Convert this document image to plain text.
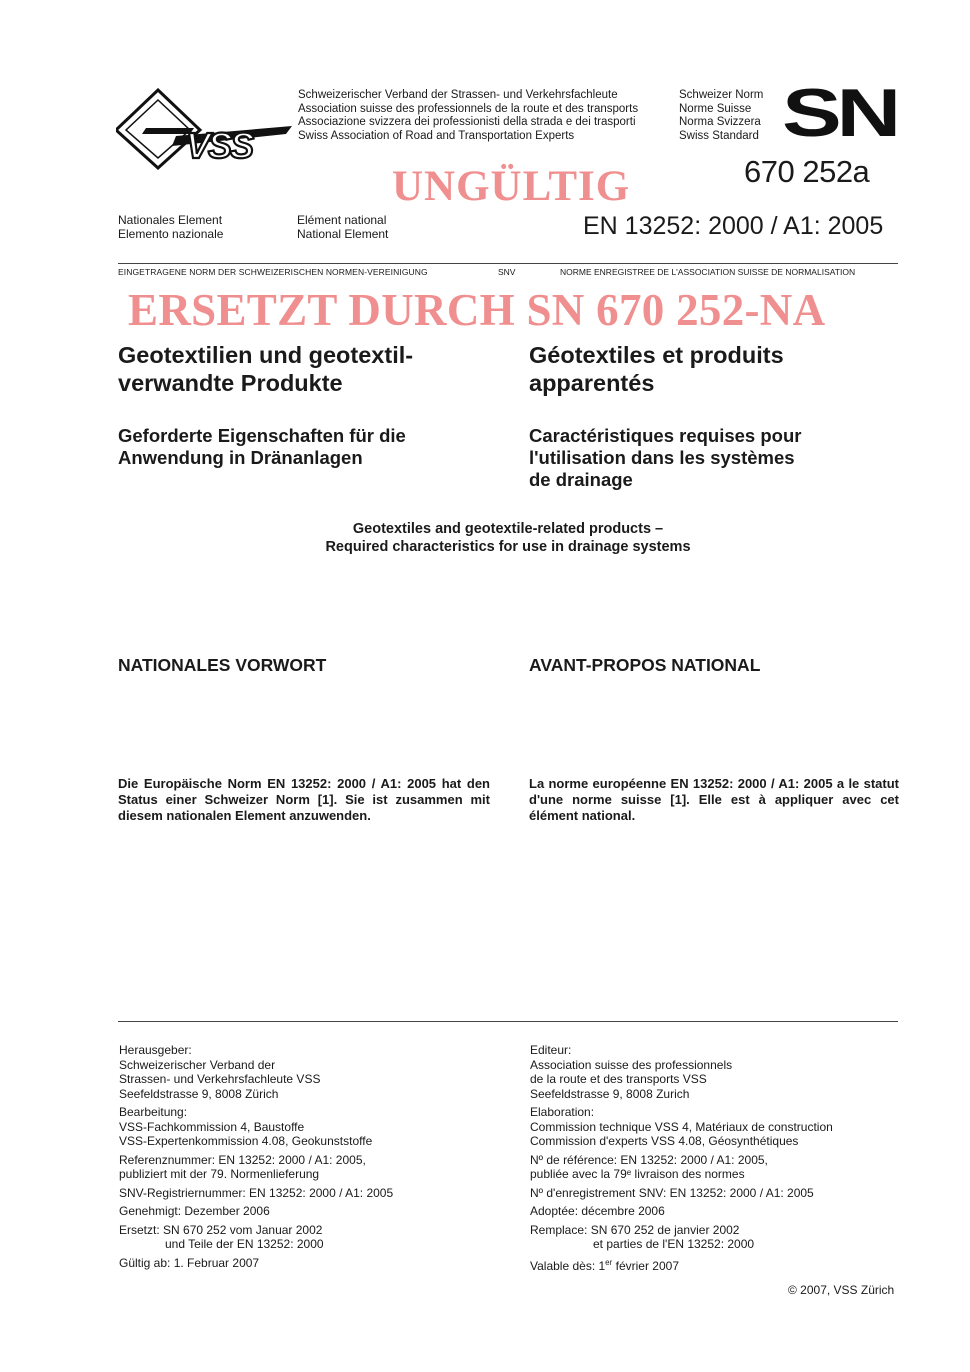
VSS
Schweizerischer Verband der Strassen- und Verkehrsfachleute
Association suisse des professionnels de la route et des transports
Associazione svizzera dei professionisti della strada e dei trasporti
Swiss Association of Road and Transportation Experts
Schweizer Norm
Norme Suisse
Norma Svizzera
Swiss Standard SN
670 252a
UNGÜLTIG
Nationales Element
Elemento nazionale
Elément national
National Element	EN 13252: 2000 / A1: 2005
EINGETRAGENE NORM DER SCHWEIZERISCHEN NORMEN-VEREINIGUNG	SNV	NORME ENREGISTREE DE L'ASSOCIATION SUISSE DE NORMALISATION
ERSETZT DURCH SN 670 252-NA
Geotextilien und geotextil-
verwandte Produkte
Géotextiles et produits
apparentés
Geforderte Eigenschaften für die
Anwendung in Dränanlagen
Caractéristiques requises pour
l'utilisation dans les systèmes
de drainage
Geotextiles and geotextile-related products –
Required characteristics for use in drainage systems
NATIONALES VORWORT	AVANT-PROPOS NATIONAL
Die Europäische Norm EN 13252: 2000 / A1: 2005 hat den Status einer Schweizer Norm [1]. Sie ist zusammen mit diesem nationalen Element anzuwenden.
La norme européenne EN 13252: 2000 / A1: 2005 a le statut d'une norme suisse [1]. Elle est à appliquer avec cet élément national.

Herausgeber:
Schweizerischer Verband der
Strassen- und Verkehrsfachleute VSS
Seefeldstrasse 9, 8008 Zürich

Bearbeitung:
VSS-Fachkommission 4, Baustoffe
VSS-Expertenkommission 4.08, Geokunststoffe

Referenznummer: EN 13252: 2000 / A1: 2005,
publiziert mit der 79. Normenlieferung

SNV-Registriernummer: EN 13252: 2000 / A1: 2005

Genehmigt: Dezember 2006

Ersetzt: SN 670 252 vom Januar 2002
und Teile der EN 13252: 2000

Gültig ab: 1. Februar 2007

Editeur:
Association suisse des professionnels
de la route et des transports VSS
Seefeldstrasse 9, 8008 Zurich

Elaboration:
Commission technique VSS 4, Matériaux de construction
Commission d'experts VSS 4.08, Géosynthétiques

Nº de référence: EN 13252: 2000 / A1: 2005,
publiée avec la 79ᵉ livraison des normes

Nº d'enregistrement SNV: EN 13252: 2000 / A1: 2005

Adoptée: décembre 2006

Remplace: SN 670 252 de janvier 2002
et parties de l'EN 13252: 2000

Valable dès: 1er février 2007

© 2007, VSS Zürich
